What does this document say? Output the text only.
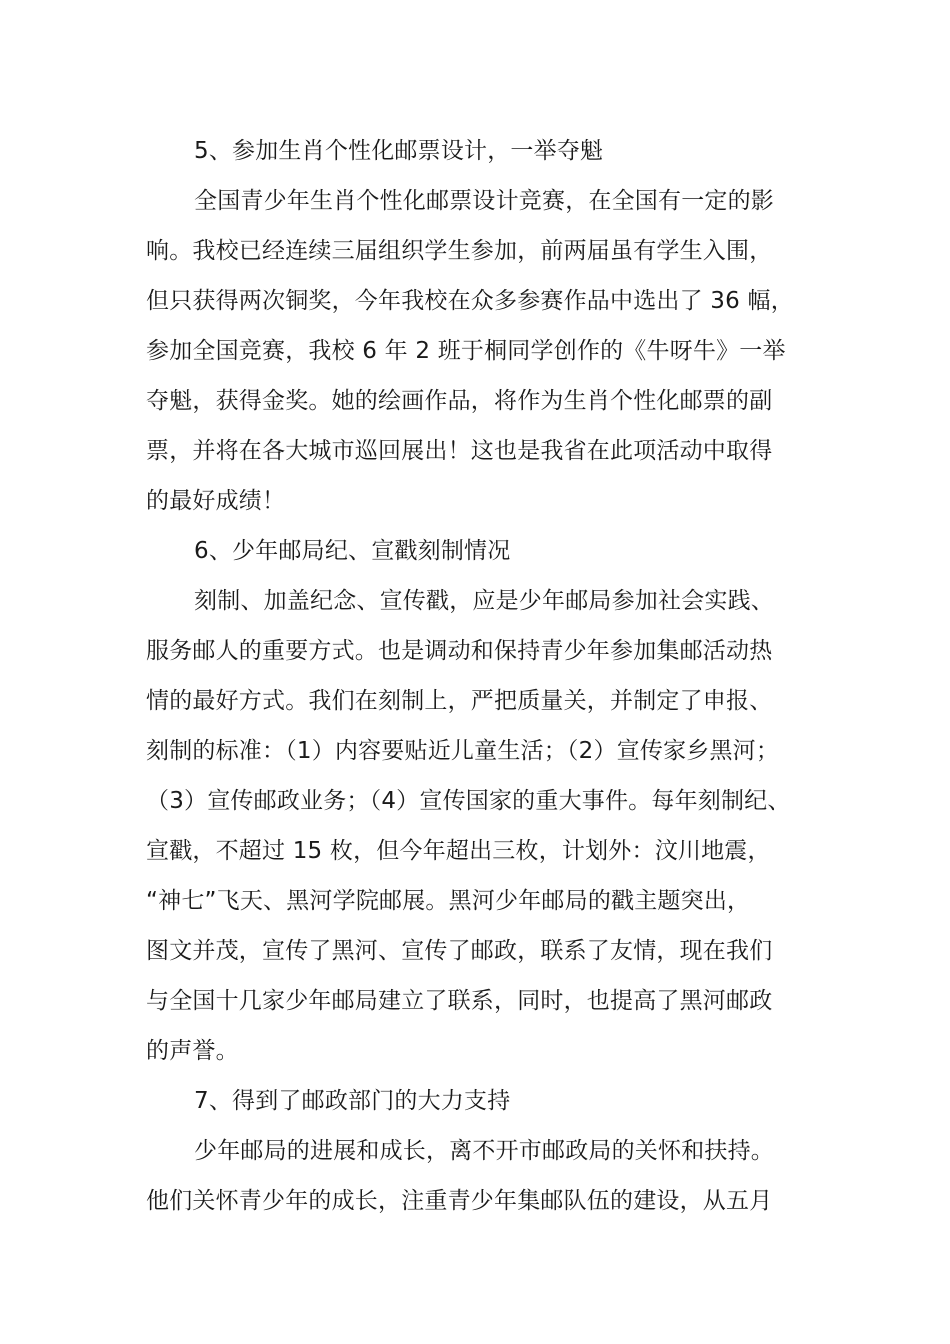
5、参加生肖个性化邮票设计，一举夺魁
全国青少年生肖个性化邮票设计竞赛，在全国有一定的影
响。我校已经连续三届组织学生参加，前两届虽有学生入围，
但只获得两次铜奖，今年我校在众多参赛作品中选出了 36 幅，
参加全国竞赛，我校 6 年 2 班于桐同学创作的《牛呀牛》一举
夺魁，获得金奖。她的绘画作品，将作为生肖个性化邮票的副
票，并将在各大城市巡回展出！这也是我省在此项活动中取得
的最好成绩！
6、少年邮局纪、宣戳刻制情况
刻制、加盖纪念、宣传戳，应是少年邮局参加社会实践、
服务邮人的重要方式。也是调动和保持青少年参加集邮活动热
情的最好方式。我们在刻制上，严把质量关，并制定了申报、
刻制的标准：（1）内容要贴近儿童生活；（2）宣传家乡黑河；
（3）宣传邮政业务；（4）宣传国家的重大事件。每年刻制纪、
宣戳，不超过 15 枚，但今年超出三枚，计划外：汶川地震，
“神七”飞天、黑河学院邮展。黑河少年邮局的戳主题突出，
图文并茂，宣传了黑河、宣传了邮政，联系了友情，现在我们
与全国十几家少年邮局建立了联系，同时，也提高了黑河邮政
的声誉。
7、得到了邮政部门的大力支持
少年邮局的进展和成长，离不开市邮政局的关怀和扶持。
他们关怀青少年的成长，注重青少年集邮队伍的建设，从五月
